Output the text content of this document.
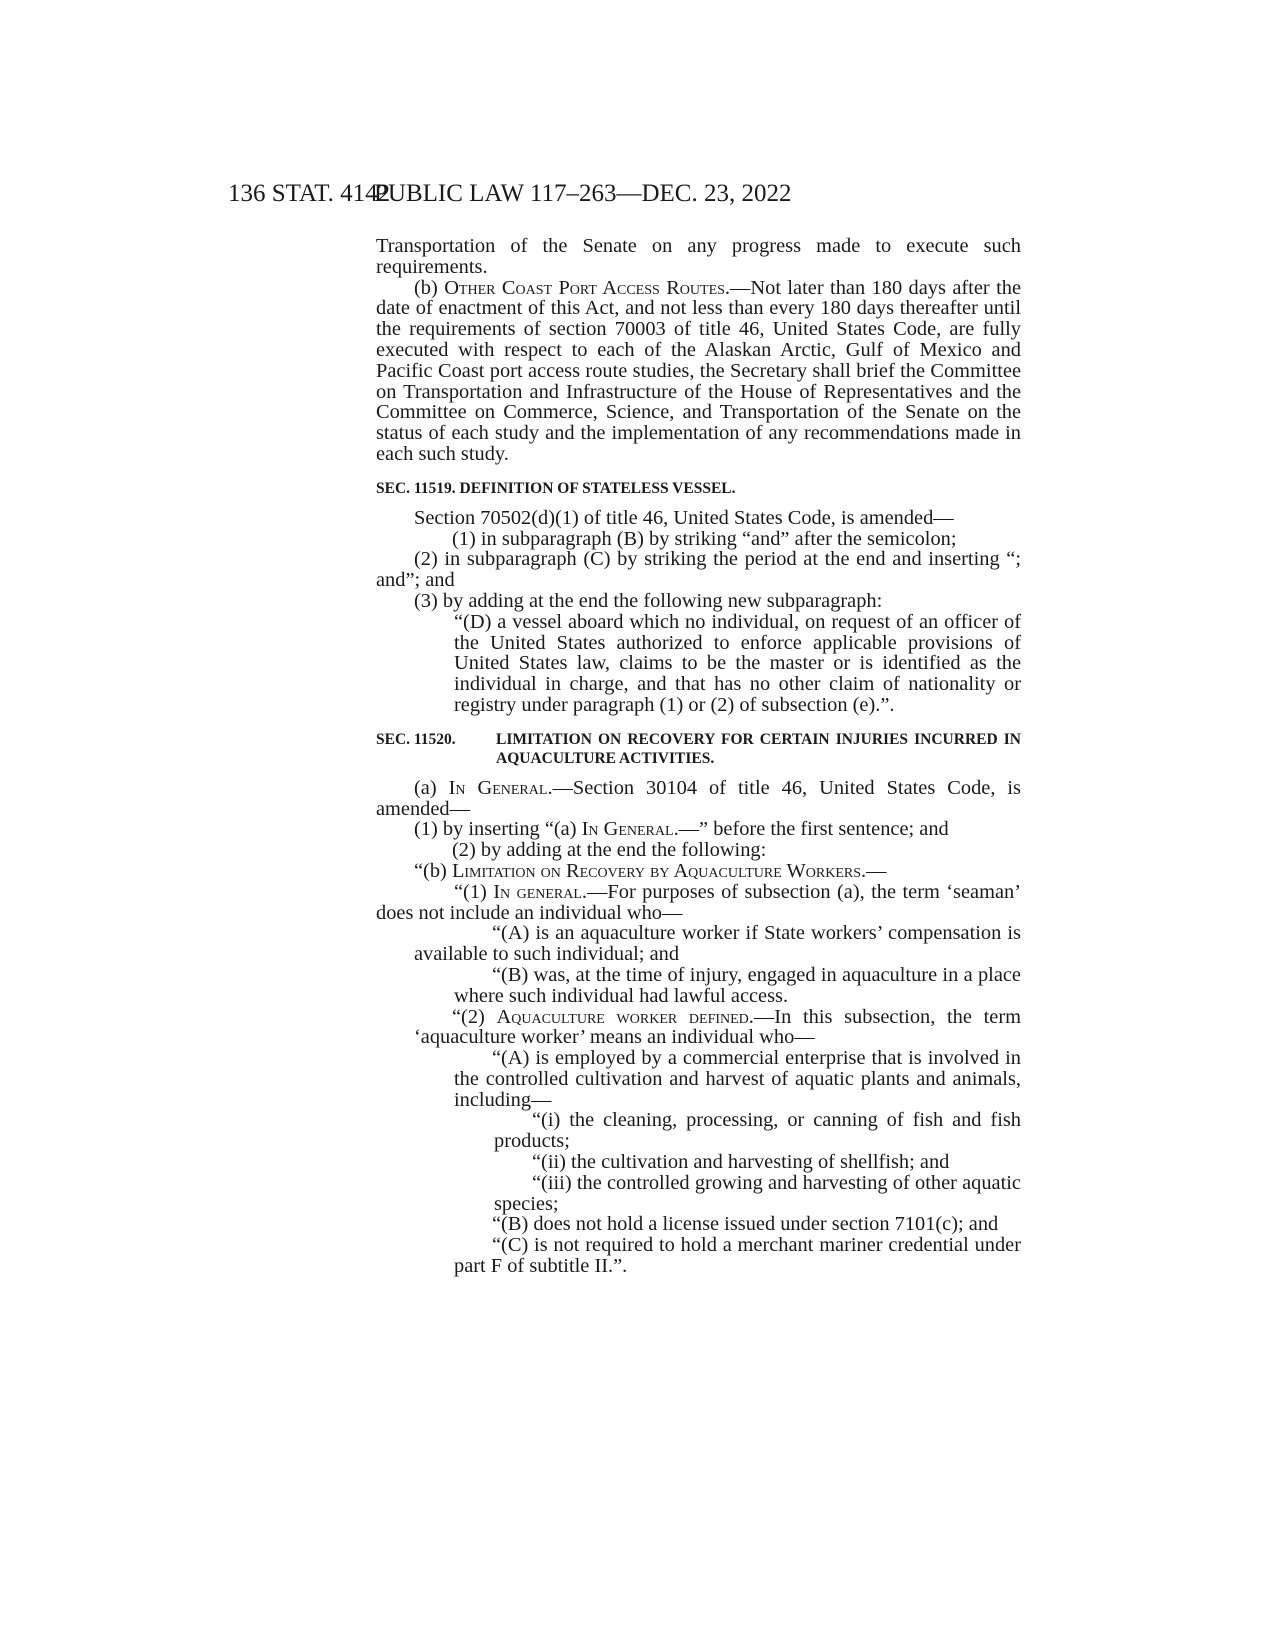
136 STAT. 4142
PUBLIC LAW 117–263—DEC. 23, 2022

Transportation of the Senate on any progress made to execute such requirements.

(b) Other Coast Port Access Routes.—Not later than 180 days after the date of enactment of this Act, and not less than every 180 days thereafter until the requirements of section 70003 of title 46, United States Code, are fully executed with respect to each of the Alaskan Arctic, Gulf of Mexico and Pacific Coast port access route studies, the Secretary shall brief the Committee on Transportation and Infrastructure of the House of Representatives and the Committee on Commerce, Science, and Transportation of the Senate on the status of each study and the implementation of any recommendations made in each such study.

SEC. 11519. DEFINITION OF STATELESS VESSEL.

Section 70502(d)(1) of title 46, United States Code, is amended—

(1) in subparagraph (B) by striking “and” after the semicolon;

(2) in subparagraph (C) by striking the period at the end and inserting “; and”; and

(3) by adding at the end the following new subparagraph:

“(D) a vessel aboard which no individual, on request of an officer of the United States authorized to enforce applicable provisions of United States law, claims to be the master or is identified as the individual in charge, and that has no other claim of nationality or registry under paragraph (1) or (2) of subsection (e).”.

SEC. 11520.	LIMITATION ON RECOVERY FOR CERTAIN INJURIES INCURRED IN AQUACULTURE ACTIVITIES.

(a) In General.—Section 30104 of title 46, United States Code, is amended—

(1) by inserting “(a) In General.—” before the first sentence; and

(2) by adding at the end the following:

“(b) Limitation on Recovery by Aquaculture Workers.—

“(1) In general.—For purposes of subsection (a), the term ‘seaman’ does not include an individual who—

“(A) is an aquaculture worker if State workers’ compensation is available to such individual; and

“(B) was, at the time of injury, engaged in aquaculture in a place where such individual had lawful access.

“(2) Aquaculture worker defined.—In this subsection, the term ‘aquaculture worker’ means an individual who—

“(A) is employed by a commercial enterprise that is involved in the controlled cultivation and harvest of aquatic plants and animals, including—

“(i) the cleaning, processing, or canning of fish and fish products;

“(ii) the cultivation and harvesting of shellfish; and

“(iii) the controlled growing and harvesting of other aquatic species;

“(B) does not hold a license issued under section 7101(c); and

“(C) is not required to hold a merchant mariner credential under part F of subtitle II.”.
